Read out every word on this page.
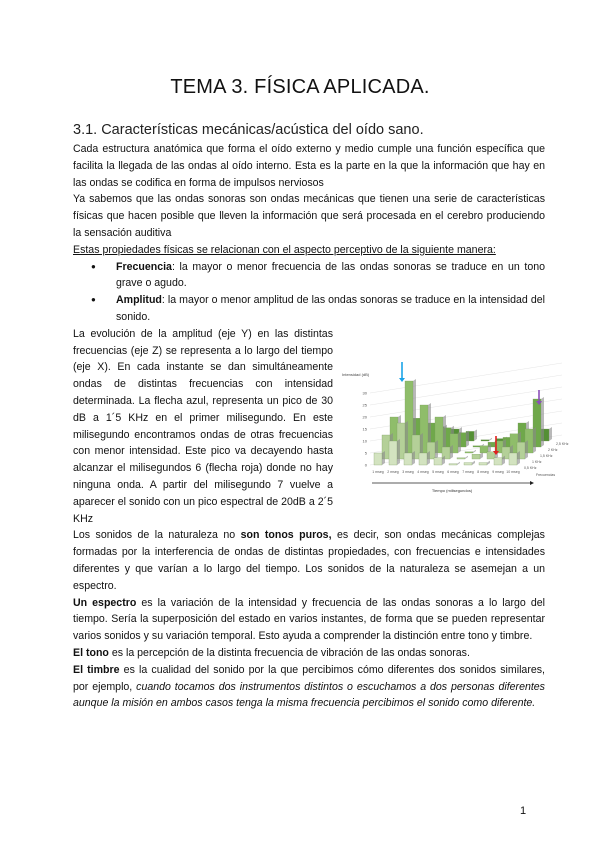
TEMA 3. FÍSICA APLICADA.
3.1. Características mecánicas/acústica del oído sano.

Cada estructura anatómica que forma el oído externo y medio cumple una función específica que facilita la llegada de las ondas al oído interno. Esta es la parte en la que la información que hay en las ondas se codifica en forma de impulsos nerviosos

Ya sabemos que las ondas sonoras son ondas mecánicas que tienen una serie de características físicas que hacen posible que lleven la información que será procesada en el cerebro produciendo la sensación auditiva

Estas propiedades físicas se relacionan con el aspecto perceptivo de la siguiente manera:

● Frecuencia: la mayor o menor frecuencia de las ondas sonoras se traduce en un tono grave o agudo.
● Amplitud: la mayor o menor amplitud de las ondas sonoras se traduce en la intensidad del sonido.
La evolución de la amplitud (eje Y) en las distintas frecuencias (eje Z) se representa a lo largo del tiempo (eje X). En cada instante se dan simultáneamente ondas de distintas frecuencias con intensidad determinada. La flecha azul, representa un pico de 30 dB a 1´5 KHz en el primer milisegundo. En este milisegundo encontramos ondas de otras frecuencias con menor intensidad. Este pico va decayendo hasta alcanzar el milisegundos 6 (flecha roja) donde no hay ninguna onda. A partir del milisegundo 7 vuelve a aparecer el sonido con un pico espectral de 20dB a 2´5 KHz
0
5
10
15
20
25
30
Intensidad (dB)
1 mseg 2 mseg 3 mseg 4 mseg 5 mseg 6 mseg 7 mseg 8 mseg 9 mseg 10 mseg
0,5 KHz
1 KHz
1,5 KHz
2 KHz
2,5 KHz
Frecuencias
Tiempo (milisegundos)

Los sonidos de la naturaleza no son tonos puros, es decir, son ondas mecánicas complejas formadas por la interferencia de ondas de distintas propiedades, con frecuencias e intensidades diferentes y que varían a lo largo del tiempo. Los sonidos de la naturaleza se asemejan a un espectro.

Un espectro es la variación de la intensidad y frecuencia de las ondas sonoras a lo largo del tiempo. Sería la superposición del estado en varios instantes, de forma que se pueden representar varios sonidos y su variación temporal. Esto ayuda a comprender la distinción entre tono y timbre.

El tono es la percepción de la distinta frecuencia de vibración de las ondas sonoras.

El timbre es la cualidad del sonido por la que percibimos cómo diferentes dos sonidos similares, por ejemplo, cuando tocamos dos instrumentos distintos o escuchamos a dos personas diferentes aunque la misión en ambos casos tenga la misma frecuencia percibimos el sonido como diferente.

1
